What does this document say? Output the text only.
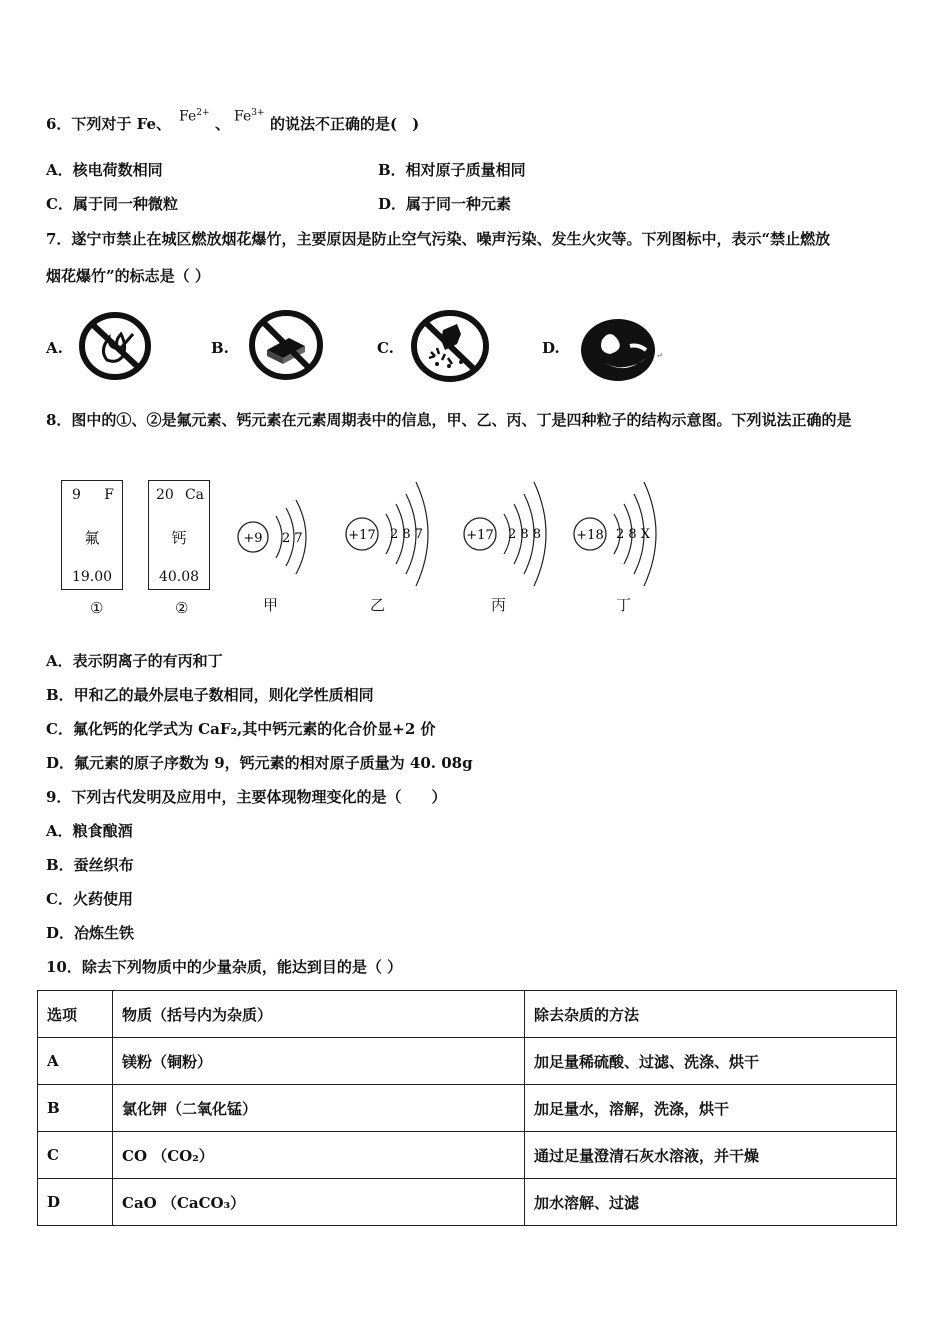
6．下列对于 Fe、 $Fe^{2+}$
、 $Fe^{3+}$
的说法不正确的是(　)
A．核电荷数相同	B．相对原子质量相同
C．属于同一种微粒	D．属于同一种元素
7．遂宁市禁止在城区燃放烟花爆竹，主要原因是防止空气污染、噪声污染、发生火灾等。下列图标中，表示“禁止燃放
烟花爆竹”的标志是（ ）
A.	B.	C.	D.	↵
8．图中的①、②是氟元素、钙元素在元素周期表中的信息，甲、乙、丙、丁是四种粒子的结构示意图。下列说法正确的是
9 F
氟
19.00
①
20 Ca
钙
40.08
②
+9 2 7
甲
+17 2 8 7
乙
+17 2 8 8
丙
+18 2 8 X
丁
A．表示阴离子的有丙和丁
B．甲和乙的最外层电子数相同，则化学性质相同
C．氟化钙的化学式为 CaF₂,其中钙元素的化合价显+2 价
D．氟元素的原子序数为 9，钙元素的相对原子质量为 40. 08g
9．下列古代发明及应用中，主要体现物理变化的是（　　）
A．粮食酿酒
B．蚕丝织布
C．火药使用
D．冶炼生铁
10．除去下列物质中的少量杂质，能达到目的是（ ）
选项	物质（括号内为杂质）	除去杂质的方法
A	镁粉（铜粉）	加足量稀硫酸、过滤、洗涤、烘干
B	氯化钾（二氧化锰）	加足量水，溶解，洗涤，烘干
C	CO （CO₂）	通过足量澄清石灰水溶液，并干燥
D	CaO （CaCO₃）	加水溶解、过滤
